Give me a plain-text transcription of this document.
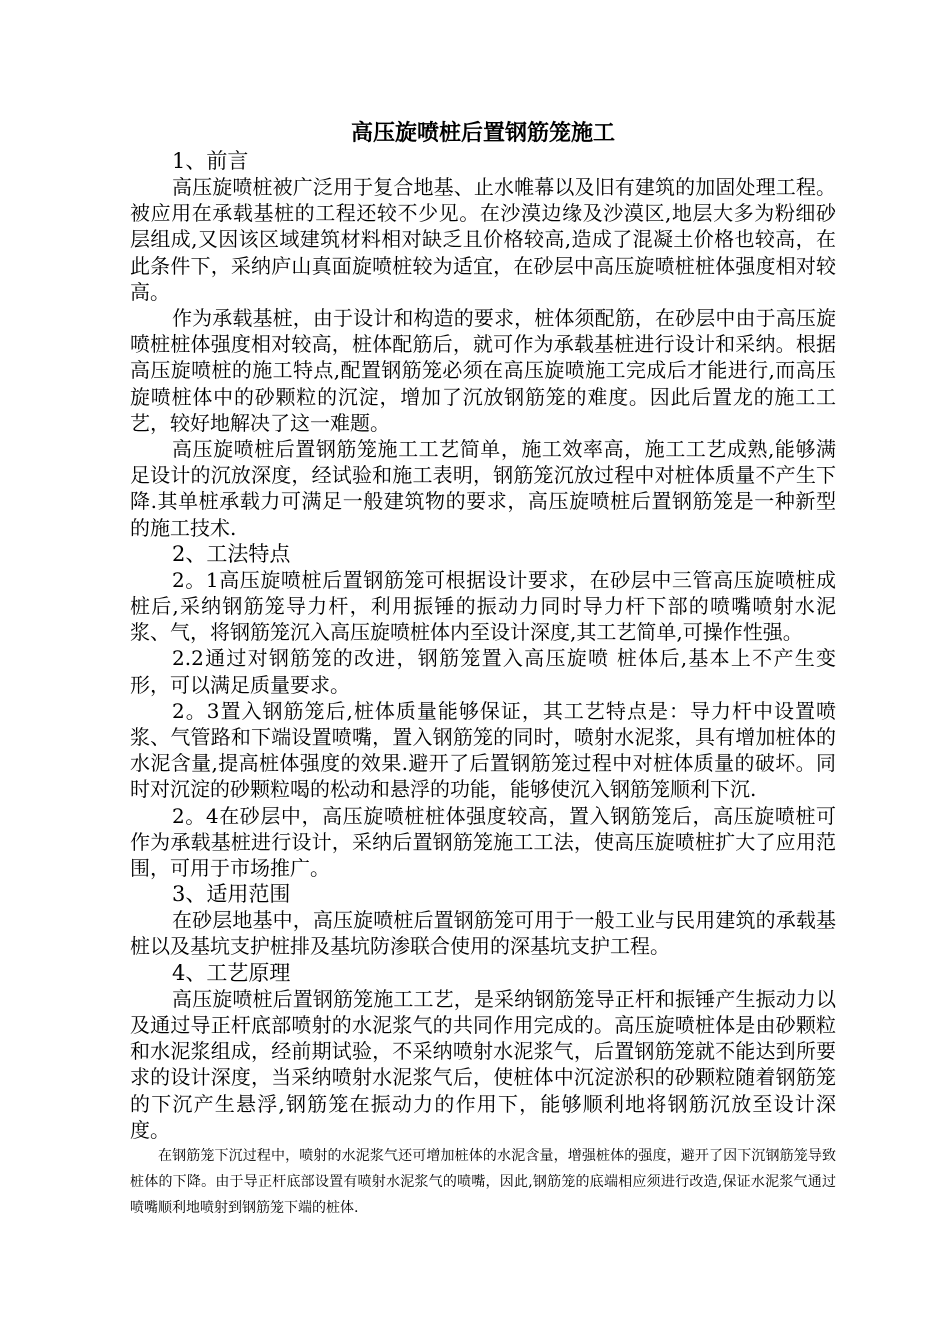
高压旋喷桩后置钢筋笼施工

1、前言

高压旋喷桩被广泛用于复合地基、止水帷幕以及旧有建筑的加固处理工程。被应用在承载基桩的工程还较不少见。在沙漠边缘及沙漠区,地层大多为粉细砂层组成,又因该区域建筑材料相对缺乏且价格较高,造成了混凝土价格也较高，在此条件下，采纳庐山真面旋喷桩较为适宜，在砂层中高压旋喷桩桩体强度相对较高。

作为承载基桩，由于设计和构造的要求，桩体须配筋，在砂层中由于高压旋喷桩桩体强度相对较高，桩体配筋后，就可作为承载基桩进行设计和采纳。根据高压旋喷桩的施工特点,配置钢筋笼必须在高压旋喷施工完成后才能进行,而高压旋喷桩体中的砂颗粒的沉淀，增加了沉放钢筋笼的难度。因此后置龙的施工工艺，较好地解决了这一难题。

高压旋喷桩后置钢筋笼施工工艺简单，施工效率高，施工工艺成熟,能够满足设计的沉放深度，经试验和施工表明，钢筋笼沉放过程中对桩体质量不产生下降.其单桩承载力可满足一般建筑物的要求，高压旋喷桩后置钢筋笼是一种新型的施工技术.

2、工法特点

2。1高压旋喷桩后置钢筋笼可根据设计要求，在砂层中三管高压旋喷桩成桩后,采纳钢筋笼导力杆，利用振锤的振动力同时导力杆下部的喷嘴喷射水泥浆、气，将钢筋笼沉入高压旋喷桩体内至设计深度,其工艺简单,可操作性强。

2.2通过对钢筋笼的改进，钢筋笼置入高压旋喷 桩体后,基本上不产生变形，可以满足质量要求。

2。3置入钢筋笼后,桩体质量能够保证，其工艺特点是：导力杆中设置喷浆、气管路和下端设置喷嘴，置入钢筋笼的同时，喷射水泥浆，具有增加桩体的水泥含量,提高桩体强度的效果.避开了后置钢筋笼过程中对桩体质量的破坏。同时对沉淀的砂颗粒喝的松动和悬浮的功能，能够使沉入钢筋笼顺利下沉.

2。4在砂层中，高压旋喷桩桩体强度较高，置入钢筋笼后，高压旋喷桩可作为承载基桩进行设计，采纳后置钢筋笼施工工法，使高压旋喷桩扩大了应用范围，可用于市场推广。

3、适用范围

在砂层地基中，高压旋喷桩后置钢筋笼可用于一般工业与民用建筑的承载基桩以及基坑支护桩排及基坑防渗联合使用的深基坑支护工程。

4、工艺原理

高压旋喷桩后置钢筋笼施工工艺，是采纳钢筋笼导正杆和振锤产生振动力以及通过导正杆底部喷射的水泥浆气的共同作用完成的。高压旋喷桩体是由砂颗粒和水泥浆组成，经前期试验，不采纳喷射水泥浆气，后置钢筋笼就不能达到所要求的设计深度，当采纳喷射水泥浆气后，使桩体中沉淀淤积的砂颗粒随着钢筋笼的下沉产生悬浮,钢筋笼在振动力的作用下，能够顺利地将钢筋沉放至设计深度。

在钢筋笼下沉过程中，喷射的水泥浆气还可增加桩体的水泥含量，增强桩体的强度，避开了因下沉钢筋笼导致桩体的下降。由于导正杆底部设置有喷射水泥浆气的喷嘴，因此,钢筋笼的底端相应须进行改造,保证水泥浆气通过喷嘴顺利地喷射到钢筋笼下端的桩体.
